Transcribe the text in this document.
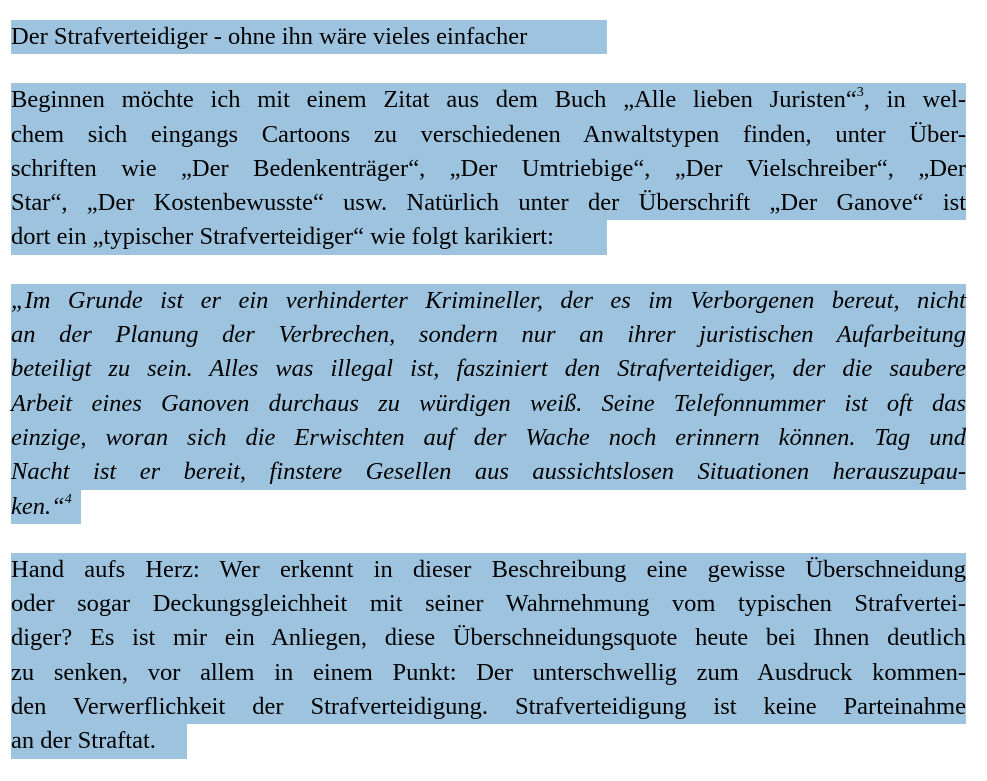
Der Strafverteidiger - ohne ihn wäre vieles einfacher
Beginnen möchte ich mit einem Zitat aus dem Buch „Alle lieben Juristen“$^3$, in wel-
chem sich eingangs Cartoons zu verschiedenen Anwaltstypen finden, unter Über-
schriften wie „Der Bedenkenträger“, „Der Umtriebige“, „Der Vielschreiber“, „Der
Star“, „Der Kostenbewusste“ usw. Natürlich unter der Überschrift „Der Ganove“ ist
dort ein „typischer Strafverteidiger“ wie folgt karikiert:
„Im Grunde ist er ein verhinderter Krimineller, der es im Verborgenen bereut, nicht
an der Planung der Verbrechen, sondern nur an ihrer juristischen Aufarbeitung
beteiligt zu sein. Alles was illegal ist, fasziniert den Strafverteidiger, der die saubere
Arbeit eines Ganoven durchaus zu würdigen weiß. Seine Telefonnummer ist oft das
einzige, woran sich die Erwischten auf der Wache noch erinnern können. Tag und
Nacht ist er bereit, finstere Gesellen aus aussichtslosen Situationen herauszupau-
ken.“$^4$
Hand aufs Herz: Wer erkennt in dieser Beschreibung eine gewisse Überschneidung
oder sogar Deckungsgleichheit mit seiner Wahrnehmung vom typischen Strafvertei-
diger? Es ist mir ein Anliegen, diese Überschneidungsquote heute bei Ihnen deutlich
zu senken, vor allem in einem Punkt: Der unterschwellig zum Ausdruck kommen-
den Verwerflichkeit der Strafverteidigung. Strafverteidigung ist keine Parteinahme
an der Straftat.
